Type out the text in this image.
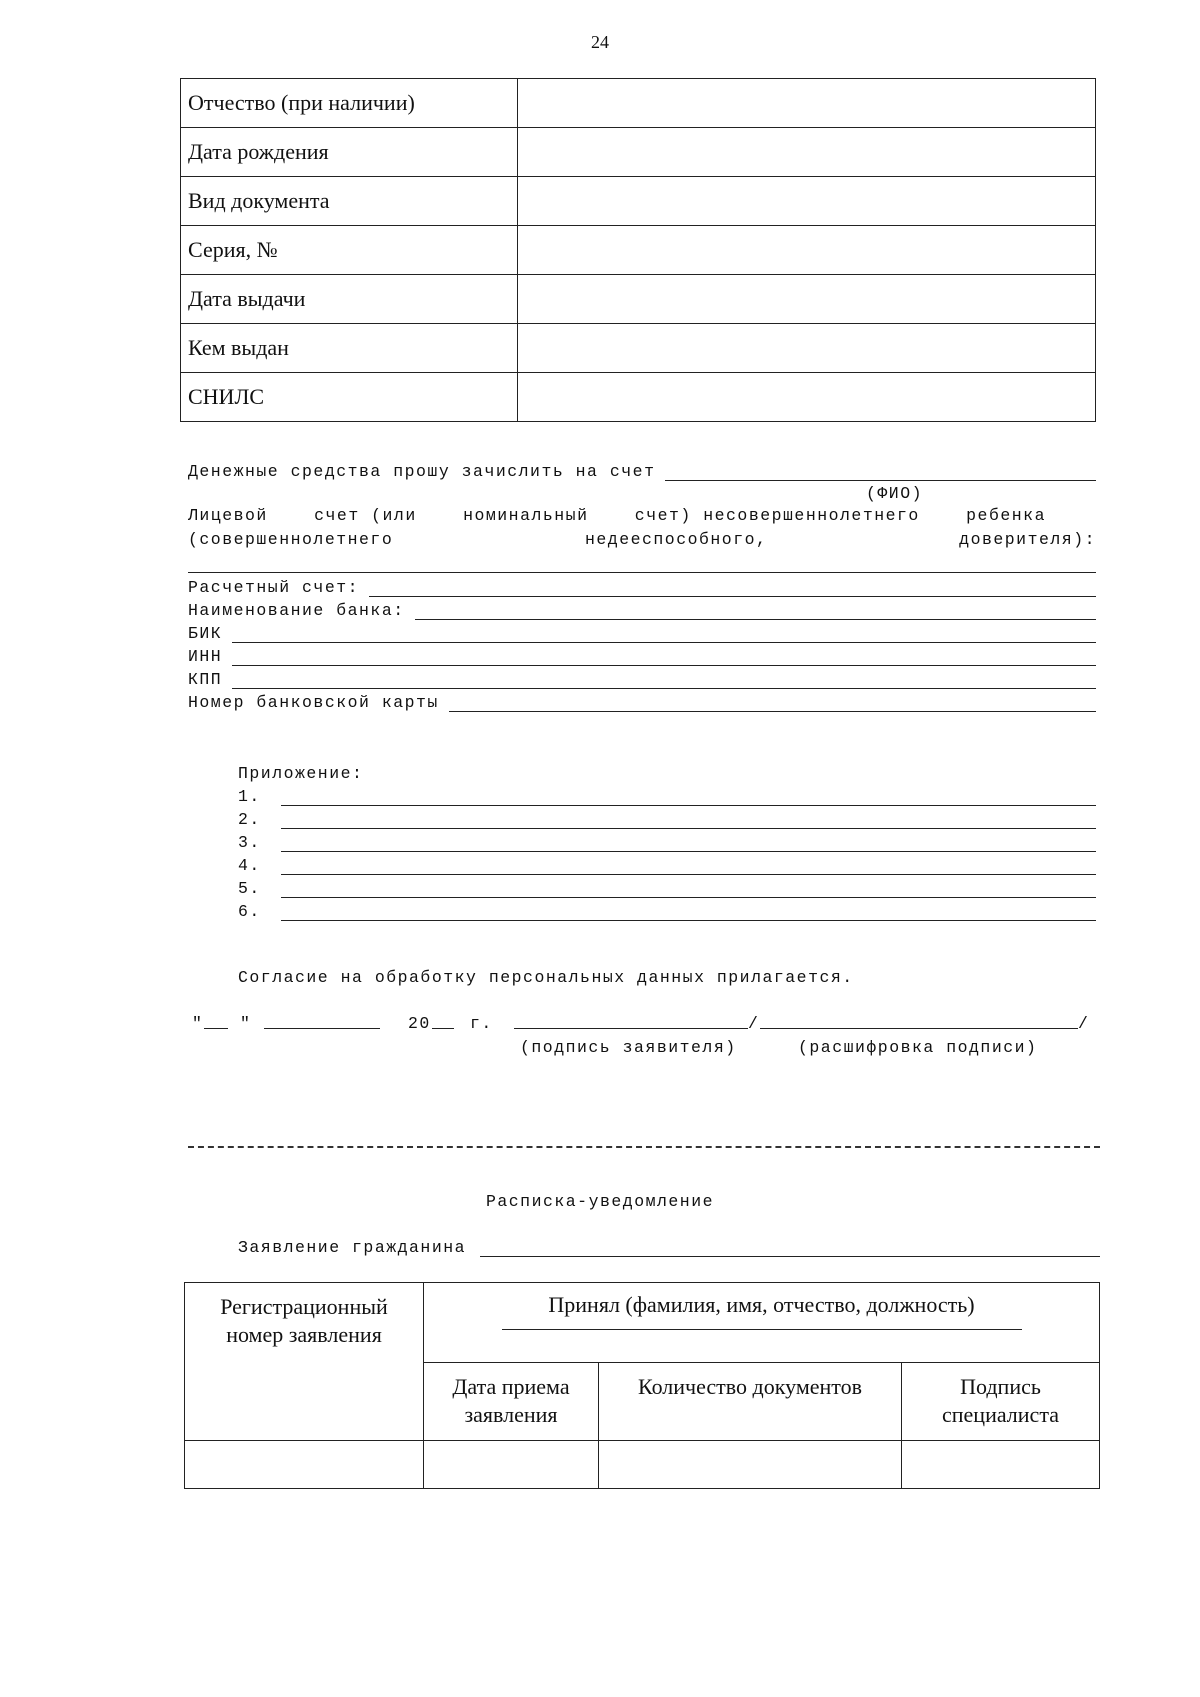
24
Отчество (при наличии)	
Дата рождения	
Вид документа	
Серия, №	
Дата выдачи	
Кем выдан	
СНИЛС	
Денежные средства прошу зачислить на счет
(ФИО)
Лицевой	счет (или	номинальный	счет) несовершеннолетнего	ребенка
(совершеннолетнего	недееспособного,	доверителя):
Расчетный счет:
Наименование банка:
БИК
ИНН
КПП
Номер банковской карты
Приложение:
1.
2.
3.
4.
5.
6.
Согласие на обработку персональных данных прилагается.
" "	20 г.	/	/
(подпись заявителя)	(расшифровка подписи)
Расписка-уведомление
Заявление гражданина
Регистрационный номер заявления	Принял (фамилия, имя, отчество, должность)		

	Дата приема заявления	Количество документов	Подпись специалиста
